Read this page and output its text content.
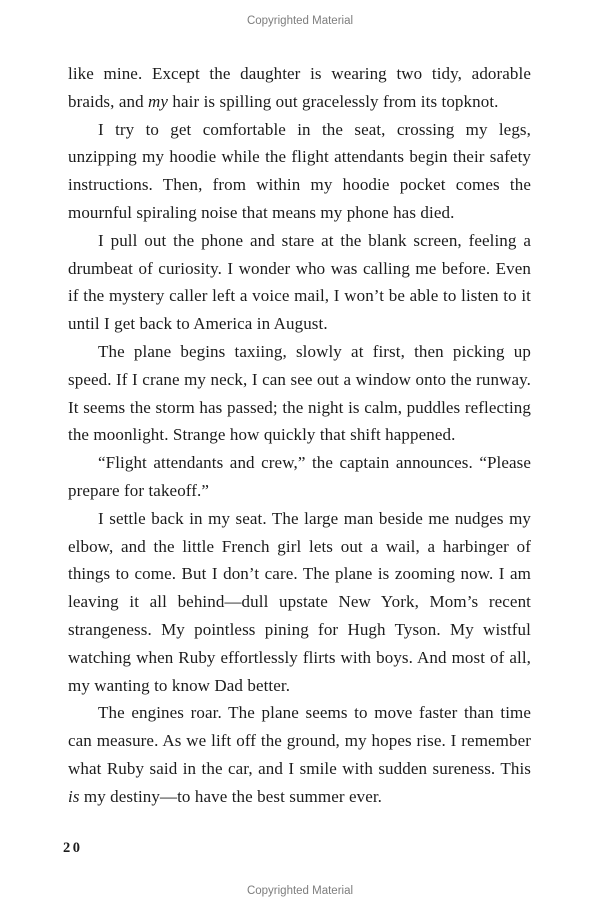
Copyrighted Material

like mine. Except the daughter is wearing two tidy, adorable braids, and my hair is spilling out gracelessly from its topknot.

I try to get comfortable in the seat, crossing my legs, unzipping my hoodie while the flight attendants begin their safety instructions. Then, from within my hoodie pocket comes the mournful spiraling noise that means my phone has died.

I pull out the phone and stare at the blank screen, feeling a drumbeat of curiosity. I wonder who was calling me before. Even if the mystery caller left a voice mail, I won’t be able to listen to it until I get back to America in August.

The plane begins taxiing, slowly at first, then picking up speed. If I crane my neck, I can see out a window onto the runway. It seems the storm has passed; the night is calm, puddles reflecting the moonlight. Strange how quickly that shift happened.

“Flight attendants and crew,” the captain announces. “Please prepare for takeoff.”

I settle back in my seat. The large man beside me nudges my elbow, and the little French girl lets out a wail, a harbinger of things to come. But I don’t care. The plane is zooming now. I am leaving it all behind—dull upstate New York, Mom’s recent strangeness. My pointless pining for Hugh Tyson. My wistful watching when Ruby effortlessly flirts with boys. And most of all, my wanting to know Dad better.

The engines roar. The plane seems to move faster than time can measure. As we lift off the ground, my hopes rise. I remember what Ruby said in the car, and I smile with sudden sureness. This is my destiny—to have the best summer ever.

20
Copyrighted Material
